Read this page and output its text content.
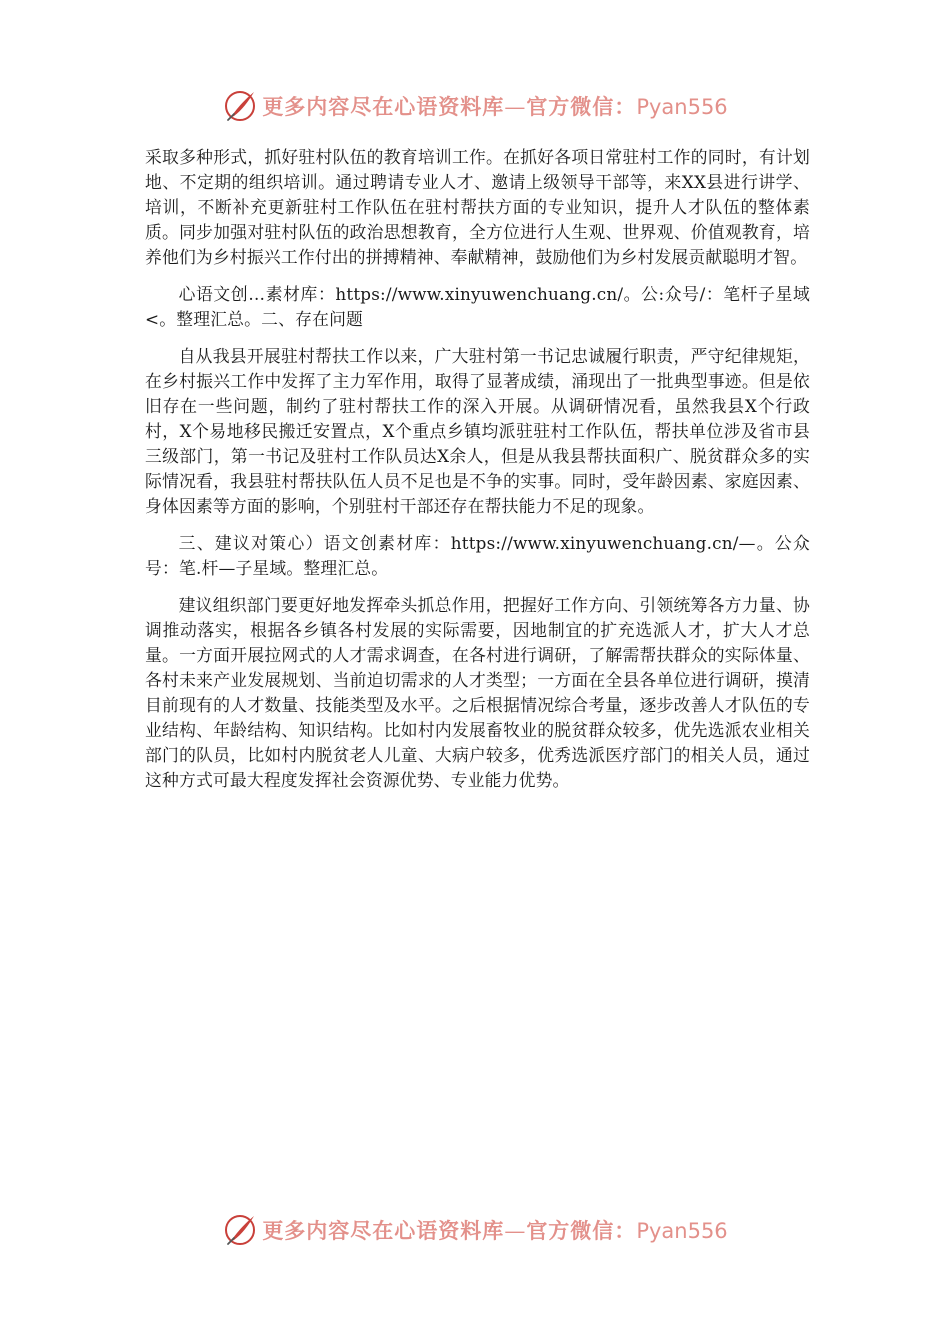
更多内容尽在心语资料库—官方微信：Pyan556

采取多种形式，抓好驻村队伍的教育培训工作。在抓好各项日常驻村工作的同时，有计划地、不定期的组织培训。通过聘请专业人才、邀请上级领导干部等，来XX县进行讲学、培训，不断补充更新驻村工作队伍在驻村帮扶方面的专业知识，提升人才队伍的整体素质。同步加强对驻村队伍的政治思想教育，全方位进行人生观、世界观、价值观教育，培养他们为乡村振兴工作付出的拼搏精神、奉献精神，鼓励他们为乡村发展贡献聪明才智。

心语文创…素材库：https://www.xinyuwenchuang.cn/。公:众号/：笔杆子星域<。整理汇总。二、存在问题

自从我县开展驻村帮扶工作以来，广大驻村第一书记忠诚履行职责，严守纪律规矩，在乡村振兴工作中发挥了主力军作用，取得了显著成绩，涌现出了一批典型事迹。但是依旧存在一些问题，制约了驻村帮扶工作的深入开展。从调研情况看，虽然我县X个行政村，X个易地移民搬迁安置点，X个重点乡镇均派驻驻村工作队伍，帮扶单位涉及省市县三级部门，第一书记及驻村工作队员达X余人，但是从我县帮扶面积广、脱贫群众多的实际情况看，我县驻村帮扶队伍人员不足也是不争的实事。同时，受年龄因素、家庭因素、身体因素等方面的影响，个别驻村干部还存在帮扶能力不足的现象。

三、建议对策心）语文创素材库：https://www.xinyuwenchuang.cn/—。公众号：笔.杆—子星域。整理汇总。

建议组织部门要更好地发挥牵头抓总作用，把握好工作方向、引领统筹各方力量、协调推动落实，根据各乡镇各村发展的实际需要，因地制宜的扩充选派人才，扩大人才总量。一方面开展拉网式的人才需求调查，在各村进行调研，了解需帮扶群众的实际体量、各村未来产业发展规划、当前迫切需求的人才类型；一方面在全县各单位进行调研，摸清目前现有的人才数量、技能类型及水平。之后根据情况综合考量，逐步改善人才队伍的专业结构、年龄结构、知识结构。比如村内发展畜牧业的脱贫群众较多，优先选派农业相关部门的队员，比如村内脱贫老人儿童、大病户较多，优秀选派医疗部门的相关人员，通过这种方式可最大程度发挥社会资源优势、专业能力优势。

更多内容尽在心语资料库—官方微信：Pyan556
